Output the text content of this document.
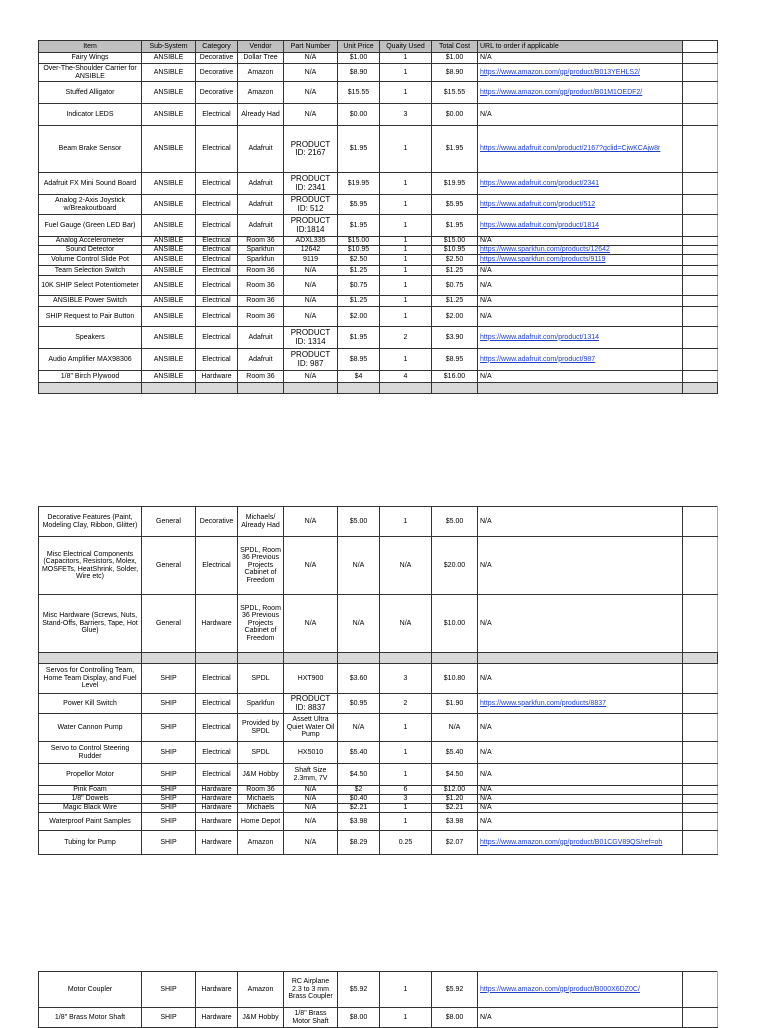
Item	Sub-System	Category	Vendor	Part Number	Unit Price	Quaity Used	Total Cost	URL to order if applicable	
Fairy Wings	ANSIBLE	Decorative	Dollar Tree	N/A	$1.00	1	$1.00	N/A	
Over-The-Shoulder Carrier for ANSIBLE	ANSIBLE	Decorative	Amazon	N/A	$8.90	1	$8.90	https://www.amazon.com/gp/product/B013YEHLS2/	
Stuffed Alligator	ANSIBLE	Decorative	Amazon	N/A	$15.55	1	$15.55	https://www.amazon.com/gp/product/B01M1OEDF2/	
Indicator LEDS	ANSIBLE	Electrical	Already Had	N/A	$0.00	3	$0.00	N/A	
Beam Brake Sensor	ANSIBLE	Electrical	Adafruit	PRODUCT ID: 2167	$1.95	1	$1.95	https://www.adafruit.com/product/2167?gclid=CjwKCAjw8r	
Adafruit FX Mini Sound Board	ANSIBLE	Electrical	Adafruit	PRODUCT ID: 2341	$19.95	1	$19.95	https://www.adafruit.com/product/2341	
Analog 2-Axis Joystick w/Breakoutboard	ANSIBLE	Electrical	Adafruit	PRODUCT ID: 512	$5.95	1	$5.95	https://www.adafruit.com/product/512	
Fuel Gauge (Green LED Bar)	ANSIBLE	Electrical	Adafruit	PRODUCT ID:1814	$1.95	1	$1.95	https://www.adafruit.com/product/1814	
Analog Accelerometer	ANSIBLE	Electrical	Room 36	ADXL335	$15.00	1	$15.00	N/A	
Sound Detector	ANSIBLE	Electrical	Sparkfun	12642	$10.95	1	$10.95	https://www.sparkfun.com/products/12642	
Volume Control Slide Pot	ANSIBLE	Electrical	Sparkfun	9119	$2.50	1	$2.50	https://www.sparkfun.com/products/9119	
Team Selection Switch	ANSIBLE	Electrical	Room 36	N/A	$1.25	1	$1.25	N/A	
10K SHIP Select Potentiometer	ANSIBLE	Electrical	Room 36	N/A	$0.75	1	$0.75	N/A	
ANSIBLE Power Switch	ANSIBLE	Electrical	Room 36	N/A	$1.25	1	$1.25	N/A	
SHIP Request to Pair Button	ANSIBLE	Electrical	Room 36	N/A	$2.00	1	$2.00	N/A	
Speakers	ANSIBLE	Electrical	Adafruit	PRODUCT ID: 1314	$1.95	2	$3.90	https://www.adafruit.com/product/1314	
Audio Amplifier MAX98306	ANSIBLE	Electrical	Adafruit	PRODUCT ID: 987	$8.95	1	$8.95	https://www.adafruit.com/product/987	
1/8" Birch Plywood	ANSIBLE	Hardware	Room 36	N/A	$4	4	$16.00	N/A	

Decorative Features (Paint, Modeling Clay, Ribbon, Glitter)	General	Decorative	Michaels/ Already Had	N/A	$5.00	1	$5.00	N/A	
Misc Electrical Components (Capacitors, Resistors, Molex, MOSFETs, HeatShrink, Solder, Wire etc)	General	Electrical	SPDL, Room 36 Previous Projects Cabinet of Freedom	N/A	N/A	N/A	$20.00	N/A	
Misc Hardware (Screws, Nuts, Stand-Offs, Barriers, Tape, Hot Glue)	General	Hardware	SPDL, Room 36 Previous Projects Cabinet of Freedom	N/A	N/A	N/A	$10.00	N/A	

Servos for Controlling Team, Home Team Display, and Fuel Level	SHIP	Electrical	SPDL	HXT900	$3.60	3	$10.80	N/A	
Power Kill Switch	SHIP	Electrical	Sparkfun	PRODUCT ID: 8837	$0.95	2	$1.90	https://www.sparkfun.com/products/8837	
Water Cannon Pump	SHIP	Electrical	Provided by SPDL	Assett Ultra Quiet Water Oil Pump	N/A	1	N/A	N/A	
Servo to Control Steering Rudder	SHIP	Electrical	SPDL	HX5010	$5.40	1	$5.40	N/A	
Propellor Motor	SHIP	Electrical	J&M Hobby	Shaft Size 2.3mm, 7V	$4.50	1	$4.50	N/A	
Pink Foam	SHIP	Hardware	Room 36	N/A	$2	6	$12.00	N/A	
1/8" Dowels	SHIP	Hardware	Michaels	N/A	$0.40	3	$1.20	N/A	
Magic Black Wire	SHIP	Hardware	Michaels	N/A	$2.21	1	$2.21	N/A	
Waterproof Paint Samples	SHIP	Hardware	Home Depot	N/A	$3.98	1	$3.98	N/A	
Tubing for Pump	SHIP	Hardware	Amazon	N/A	$8.29	0.25	$2.07	https://www.amazon.com/gp/product/B01CGV89QS/ref=oh	
Motor Coupler	SHIP	Hardware	Amazon	RC Airplane 2.3 to 3 mm Brass Coupler	$5.92	1	$5.92	https://www.amazon.com/gp/product/B000X6DZ0C/	
1/8" Brass Motor Shaft	SHIP	Hardware	J&M Hobby	1/8" Brass Motor Shaft	$8.00	1	$8.00	N/A	
